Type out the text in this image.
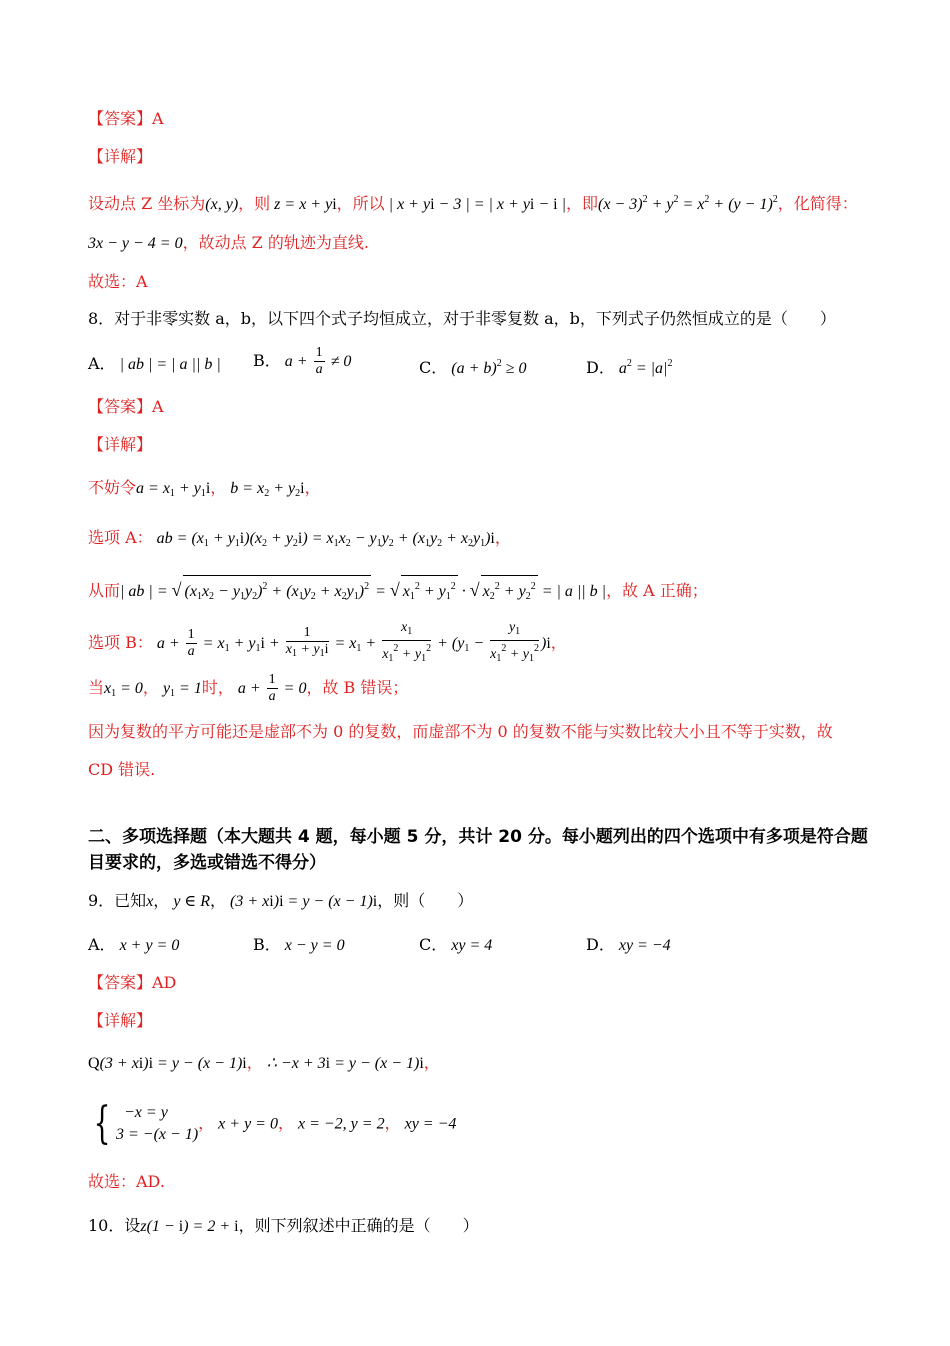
【答案】A
【详解】
设动点 Z 坐标为(x, y)，则 z = x + yi，所以 | x + yi − 3 | = | x + yi − i |，即$(x - 3)^2 + y^2 = x^2 + (y - 1)^2$，化简得：
3x − y − 4 = 0，故动点 Z 的轨迹为直线.
故选：A
8．对于非零实数 a，b，以下四个式子均恒成立，对于非零复数 a，b，下列式子仍然恒成立的是（　　）
A． | ab | = | a || b | B． $a + \frac{1}{a} \ne 0$	C． $(a + b)^2 \ge 0$	D． $a^2 = |a|^2$
【答案】A
【详解】
不妨令$a = x_1 + y_1i$， $b = x_2 + y_2i$，
选项 A： ab = $(x_1 + y_1i)(x_2 + y_2i) = x_1x_2 - y_1y_2 + (x_1y_2 + x_2y_1)i$，
从而| ab | = √ $(x_1x_2 - y_1y_2)^2 + (x_1y_2 + x_2y_1)^2$ = √ $x_1^2 + y_1^2$ · √ $x_2^2 + y_2^2$ = | a || b |，故 A 正确；
选项 B： $a + \frac{1}{a} = x_1 + y_1i + \frac{1}{x_1 + y_1i} = x_1 + \frac{x_1}{x_1^2 + y_1^2} + (y_1 - \frac{y_1}{x_1^2 + y_1^2} )i$，
当$x_1 = 0$， $y_1 = 1$时， $a + \frac{1}{a} = 0$，故 B 错误；
因为复数的平方可能还是虚部不为 0 的复数，而虚部不为 0 的复数不能与实数比较大小且不等于实数，故
CD 错误.
二、多项选择题（本大题共 4 题，每小题 5 分，共计 20 分。每小题列出的四个选项中有多项是符合题目要求的，多选或错选不得分）
9．已知x， y ∈ R， (3 + xi)i = y − (x − 1)i，则（　　）
A． x + y = 0	B． x − y = 0	C． xy = 4	D． xy = −4
【答案】AD
【详解】
Q(3 + xi)i = y − (x − 1)i， ∴ −x + 3i = y − (x − 1)i，
{ −x = y
3 = −(x − 1)
， x + y = 0， x = −2, y = 2， xy = −4
故选：AD.
10．设z(1 − i) = 2 + i，则下列叙述中正确的是（　　）
